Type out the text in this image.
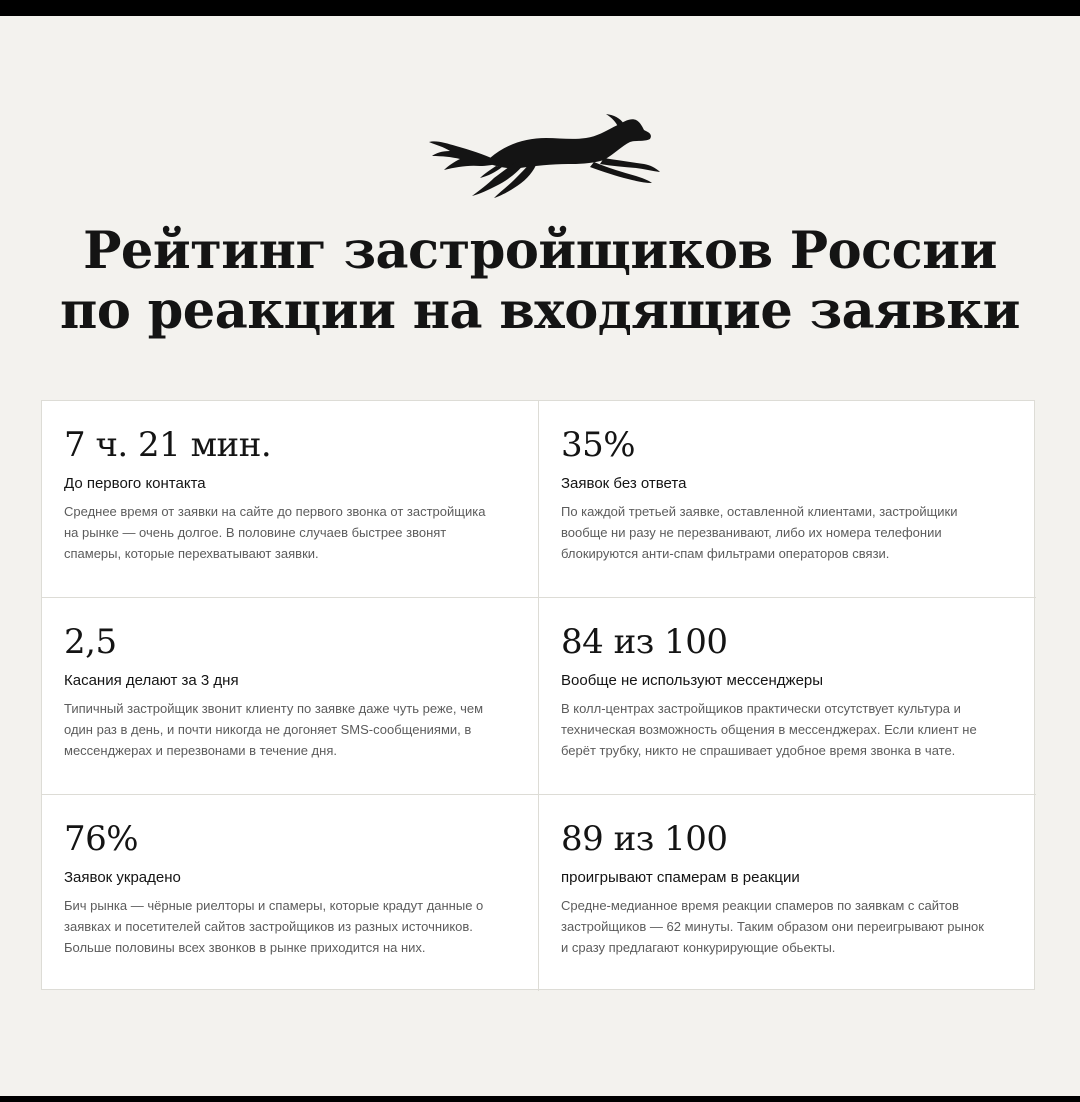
Рейтинг застройщиков России
по реакции на входящие заявки
7 ч. 21 мин.
До первого контакта
Среднее время от заявки на сайте до первого звонка от застройщика
на рынке — очень долгое. В половине случаев быстрее звонят
спамеры, которые перехватывают заявки.
35%
Заявок без ответа
По каждой третьей заявке, оставленной клиентами, застройщики
вообще ни разу не перезванивают, либо их номера телефонии
блокируются анти-спам фильтрами операторов связи.
2,5
Касания делают за 3 дня
Типичный застройщик звонит клиенту по заявке даже чуть реже, чем
один раз в день, и почти никогда не догоняет SMS-сообщениями, в
мессенджерах и перезвонами в течение дня.
84 из 100
Вообще не используют мессенджеры
В колл-центрах застройщиков практически отсутствует культура и
техническая возможность общения в мессенджерах. Если клиент не
берёт трубку, никто не спрашивает удобное время звонка в чате.
76%
Заявок украдено
Бич рынка — чёрные риелторы и спамеры, которые крадут данные о
заявках и посетителей сайтов застройщиков из разных источников.
Больше половины всех звонков в рынке приходится на них.
89 из 100
проигрывают спамерам в реакции
Средне-медианное время реакции спамеров по заявкам с сайтов
застройщиков — 62 минуты. Таким образом они переигрывают рынок
и сразу предлагают конкурирующие обьекты.
